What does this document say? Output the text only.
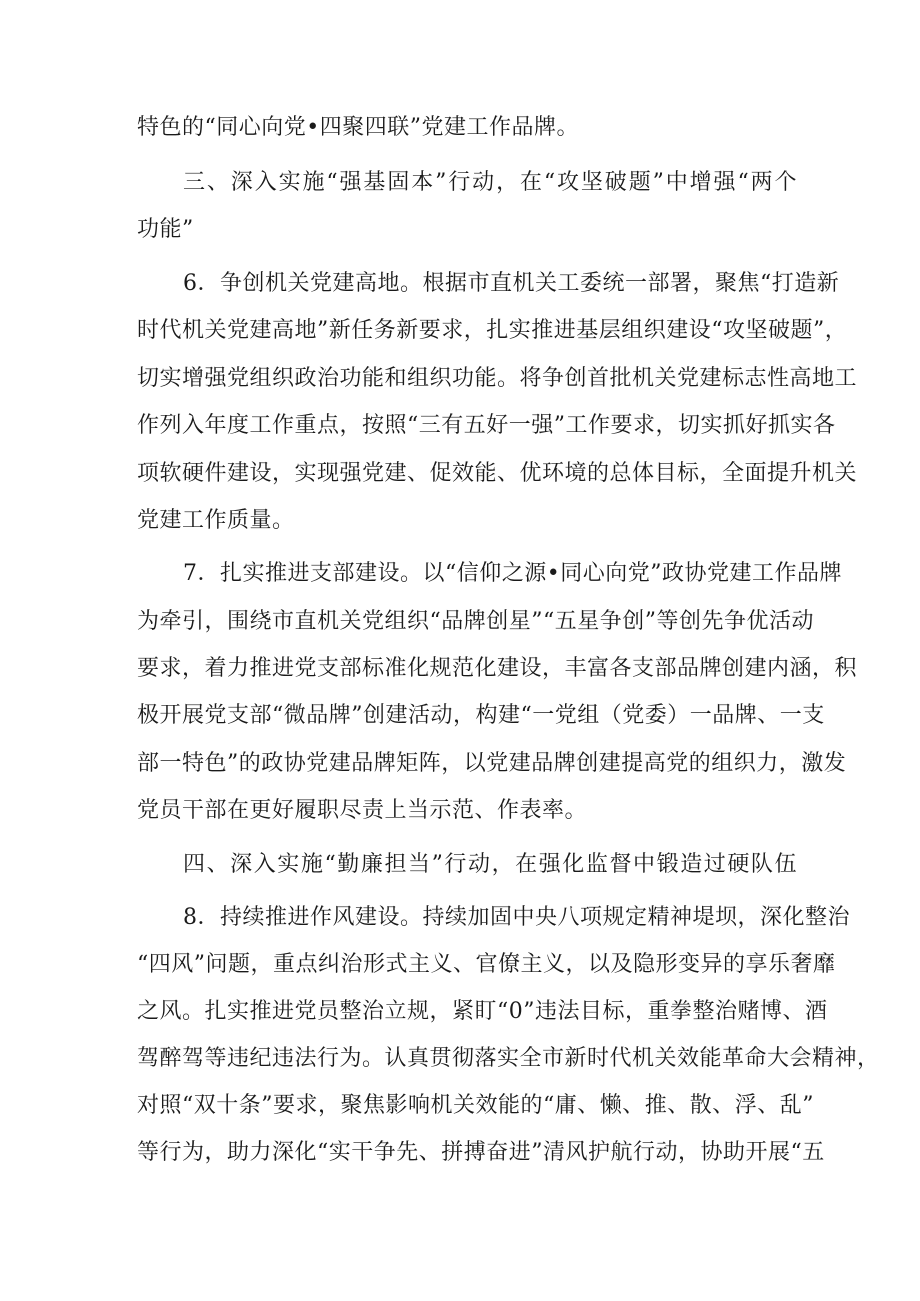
特色的“同心向党•四聚四联”党建工作品牌。

三、深入实施“强基固本”行动，在“攻坚破题”中增强“两个

功能”

6．争创机关党建高地。根据市直机关工委统一部署，聚焦“打造新

时代机关党建高地”新任务新要求，扎实推进基层组织建设“攻坚破题”，

切实增强党组织政治功能和组织功能。将争创首批机关党建标志性高地工

作列入年度工作重点，按照“三有五好一强”工作要求，切实抓好抓实各

项软硬件建设，实现强党建、促效能、优环境的总体目标，全面提升机关

党建工作质量。

7．扎实推进支部建设。以“信仰之源•同心向党”政协党建工作品牌

为牵引，围绕市直机关党组织“品牌创星”“五星争创”等创先争优活动

要求，着力推进党支部标准化规范化建设，丰富各支部品牌创建内涵，积

极开展党支部“微品牌”创建活动，构建“一党组（党委）一品牌、一支

部一特色”的政协党建品牌矩阵，以党建品牌创建提高党的组织力，激发

党员干部在更好履职尽责上当示范、作表率。

四、深入实施“勤廉担当”行动，在强化监督中锻造过硬队伍

8．持续推进作风建设。持续加固中央八项规定精神堤坝，深化整治

“四风”问题，重点纠治形式主义、官僚主义，以及隐形变异的享乐奢靡

之风。扎实推进党员整治立规，紧盯“0”违法目标，重拳整治赌博、酒

驾醉驾等违纪违法行为。认真贯彻落实全市新时代机关效能革命大会精神，

对照“双十条”要求，聚焦影响机关效能的“庸、懒、推、散、浮、乱”

等行为，助力深化“实干争先、拼搏奋进”清风护航行动，协助开展“五
